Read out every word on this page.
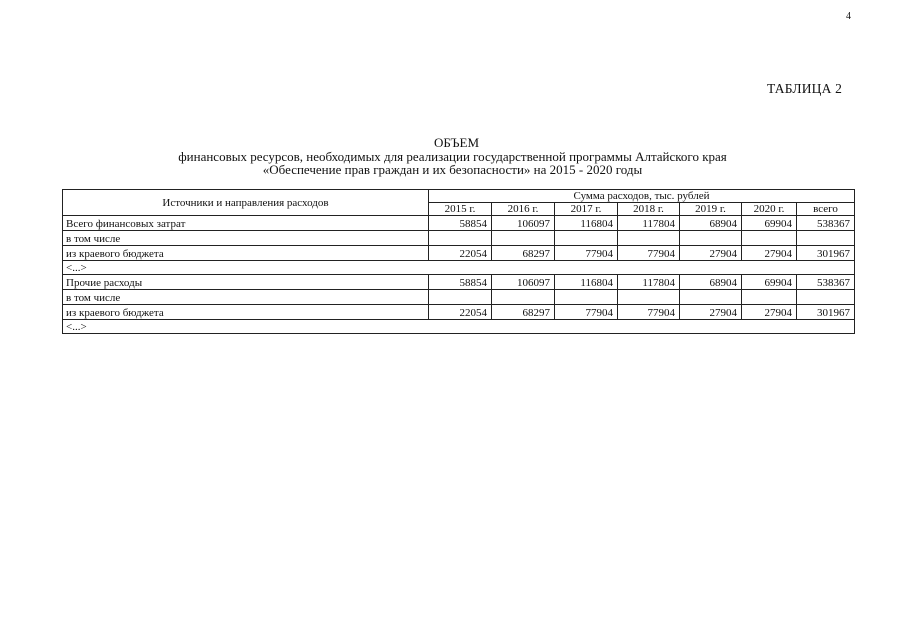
4
ТАБЛИЦА 2
ОБЪЕМ
финансовых ресурсов, необходимых для реализации государственной программы Алтайского края
«Обеспечение прав граждан и их безопасности» на 2015 - 2020 годы
Источники и направления расходов	Сумма расходов, тыс. рублей						
	2015 г.	2016 г.	2017 г.	2018 г.	2019 г.	2020 г.	всего
Всего финансовых затрат	58854	106097	116804	117804	68904	69904	538367
в том числе							
из краевого бюджета	22054	68297	77904	77904	27904	27904	301967
<...>							
Прочие расходы	58854	106097	116804	117804	68904	69904	538367
в том числе							
из краевого бюджета	22054	68297	77904	77904	27904	27904	301967
<...>							
